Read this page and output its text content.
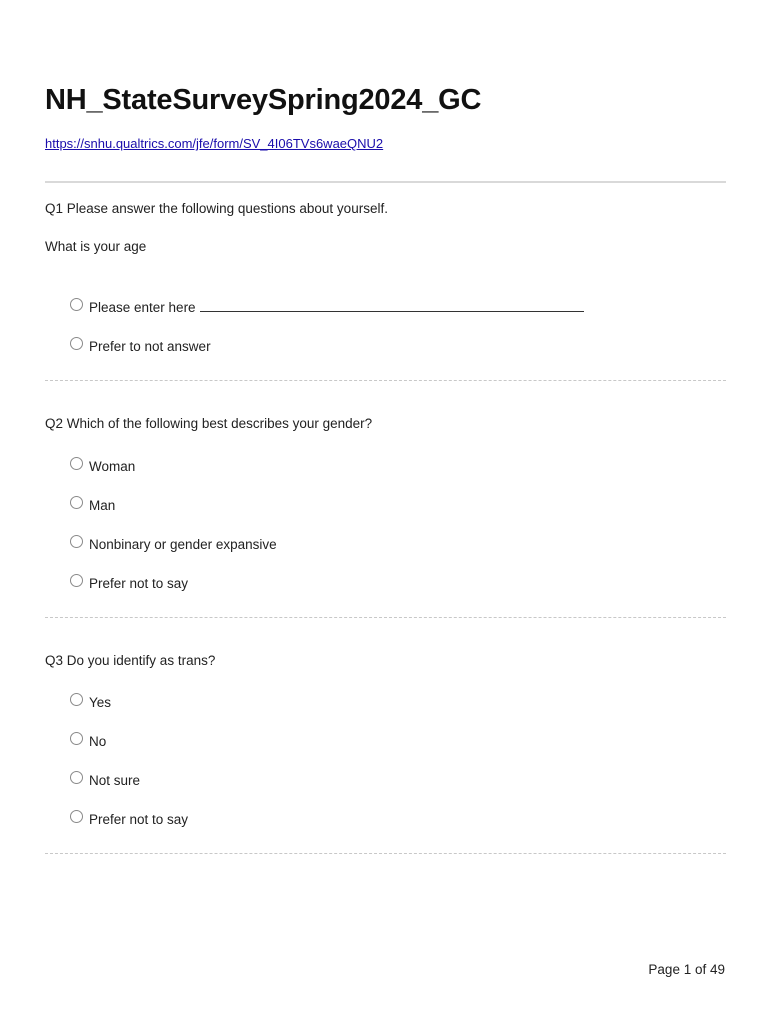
NH_StateSurveySpring2024_GC
https://snhu.qualtrics.com/jfe/form/SV_4I06TVs6waeQNU2
Q1 Please answer the following questions about yourself.
What is your age
Please enter here
Prefer to not answer
Q2 Which of the following best describes your gender?
Woman
Man
Nonbinary or gender expansive
Prefer not to say
Q3 Do you identify as trans?
Yes
No
Not sure
Prefer not to say
Page 1 of 49
